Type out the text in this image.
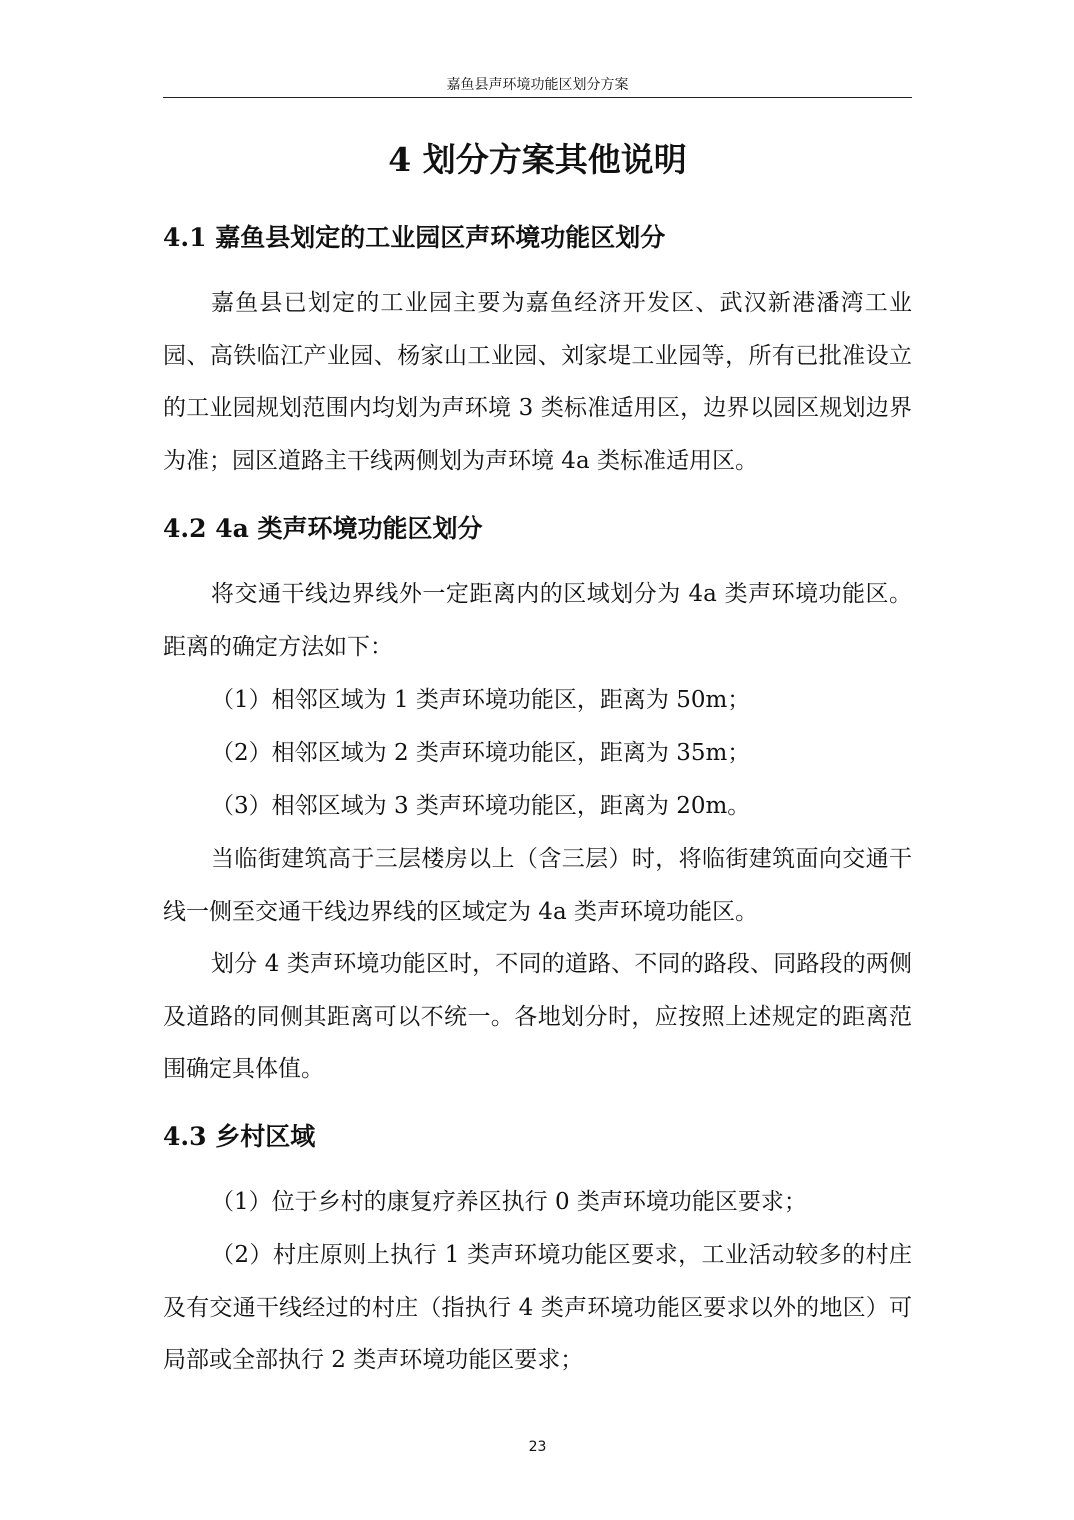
嘉鱼县声环境功能区划分方案
4 划分方案其他说明
4.1 嘉鱼县划定的工业园区声环境功能区划分

嘉鱼县已划定的工业园主要为嘉鱼经济开发区、武汉新港潘湾工业园、高铁临江产业园、杨家山工业园、刘家堤工业园等，所有已批准设立的工业园规划范围内均划为声环境 3 类标准适用区，边界以园区规划边界为准；园区道路主干线两侧划为声环境 4a 类标准适用区。

4.2 4a 类声环境功能区划分

将交通干线边界线外一定距离内的区域划分为 4a 类声环境功能区。距离的确定方法如下：

（1）相邻区域为 1 类声环境功能区，距离为 50m；

（2）相邻区域为 2 类声环境功能区，距离为 35m；

（3）相邻区域为 3 类声环境功能区，距离为 20m。

当临街建筑高于三层楼房以上（含三层）时，将临街建筑面向交通干线一侧至交通干线边界线的区域定为 4a 类声环境功能区。

划分 4 类声环境功能区时，不同的道路、不同的路段、同路段的两侧及道路的同侧其距离可以不统一。各地划分时，应按照上述规定的距离范围确定具体值。

4.3 乡村区域

（1）位于乡村的康复疗养区执行 0 类声环境功能区要求；

（2）村庄原则上执行 1 类声环境功能区要求，工业活动较多的村庄及有交通干线经过的村庄（指执行 4 类声环境功能区要求以外的地区）可局部或全部执行 2 类声环境功能区要求；

23
